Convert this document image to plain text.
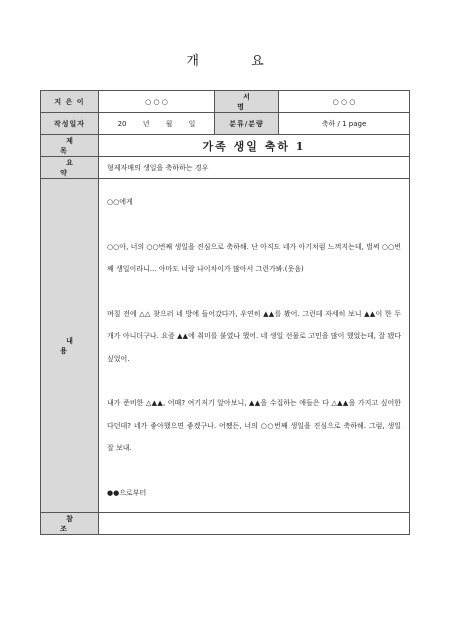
개 요
지 은 이	○ ○ ○	서 명	○ ○ ○
작성일자	20 년 월 일	분류/분량	축하 / 1 page
제 목	가족 생일 축하 1		
요 약	형제자매의 생일을 축하하는 경우		
내 용	○○에게
○○아, 너의 ○○번째 생일을 진심으로 축하해. 난 아직도 네가 아기처럼 느껴지는데, 벌써 ○○번째 생일이라니... 아마도 너랑 나이차이가 많아서 그런가봐.(웃음)
며칠 전에 △△ 찾으러 네 방에 들어갔다가, 우연히 ▲▲를 봤어. 그런데 자세히 보니 ▲▲이 한 두 개가 아니더구나. 요즘 ▲▲에 취미를 붙였나 했어. 네 생일 선물로 고민을 많이 했었는데, 잘 됐다 싶었어.
내가 준비한 △▲▲, 어때? 여기저기 알아보니, ▲▲을 수집하는 애들은 다 △▲▲을 가지고 싶어한다던데? 네가 좋아했으면 좋겠구나. 어쨌든, 너의 ○○번째 생일을 진심으로 축하해. 그럼, 생일 잘 보내.
●●으로부터		

참 조			
